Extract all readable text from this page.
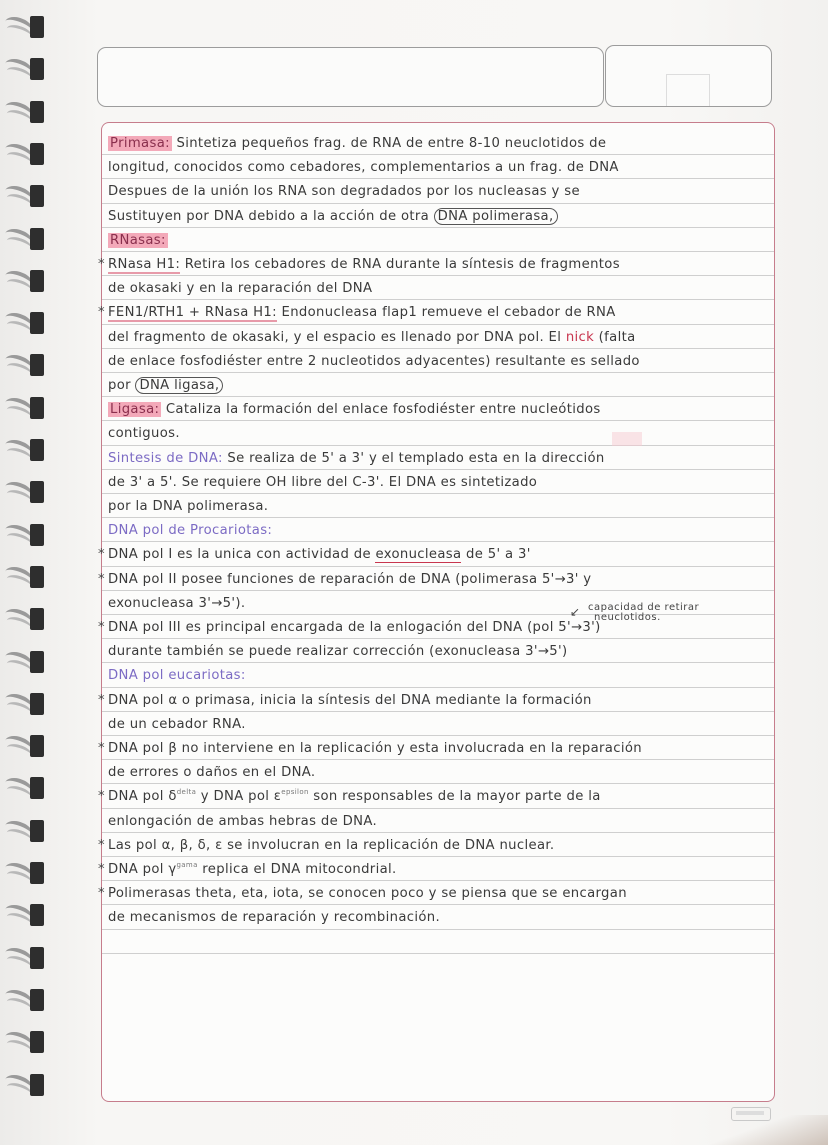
Primasa: Sintetiza pequeños frag. de RNA de entre 8-10 neuclotidos de
longitud, conocidos como cebadores, complementarios a un frag. de DNA
Despues de la unión los RNA son degradados por los nucleasas y se
Sustituyen por DNA debido a la acción de otra DNA polimerasa,
RNasas:
* RNasa H1: Retira los cebadores de RNA durante la síntesis de fragmentos
de okasaki y en la reparación del DNA
* FEN1/RTH1 + RNasa H1: Endonucleasa flap1 remueve el cebador de RNA
del fragmento de okasaki, y el espacio es llenado por DNA pol. El nick (falta
de enlace fosfodiéster entre 2 nucleotidos adyacentes) resultante es sellado
por DNA ligasa,
Ligasa: Cataliza la formación del enlace fosfodiéster entre nucleótidos
contiguos.
Sintesis de DNA: Se realiza de 5' a 3' y el templado esta en la dirección
de 3' a 5'. Se requiere OH libre del C-3'. El DNA es sintetizado
por la DNA polimerasa.
DNA pol de Procariotas:
* DNA pol I es la unica con actividad de exonucleasa de 5' a 3'
* DNA pol II posee funciones de reparación de DNA (polimerasa 5'→3' y
exonucleasa 3'→5').
* DNA pol III es principal encargada de la enlogación del DNA (pol 5'→3')
durante también se puede realizar corrección (exonucleasa 3'→5')
DNA pol eucariotas:
* DNA pol α o primasa, inicia la síntesis del DNA mediante la formación
de un cebador RNA.
* DNA pol β no interviene en la replicación y esta involucrada en la reparación
de errores o daños en el DNA.
* DNA pol $\delta^{delta}$ y DNA pol $\varepsilon^{epsilon}$ son responsables de la mayor parte de la
enlongación de ambas hebras de DNA.
* Las pol α, β, δ, ε se involucran en la replicación de DNA nuclear.
* DNA pol $\gamma^{gama}$ replica el DNA mitocondrial.
* Polimerasas theta, eta, iota, se conocen poco y se piensa que se encargan
de mecanismos de reparación y recombinación.
↙ capacidad de retirar
neuclotidos.
